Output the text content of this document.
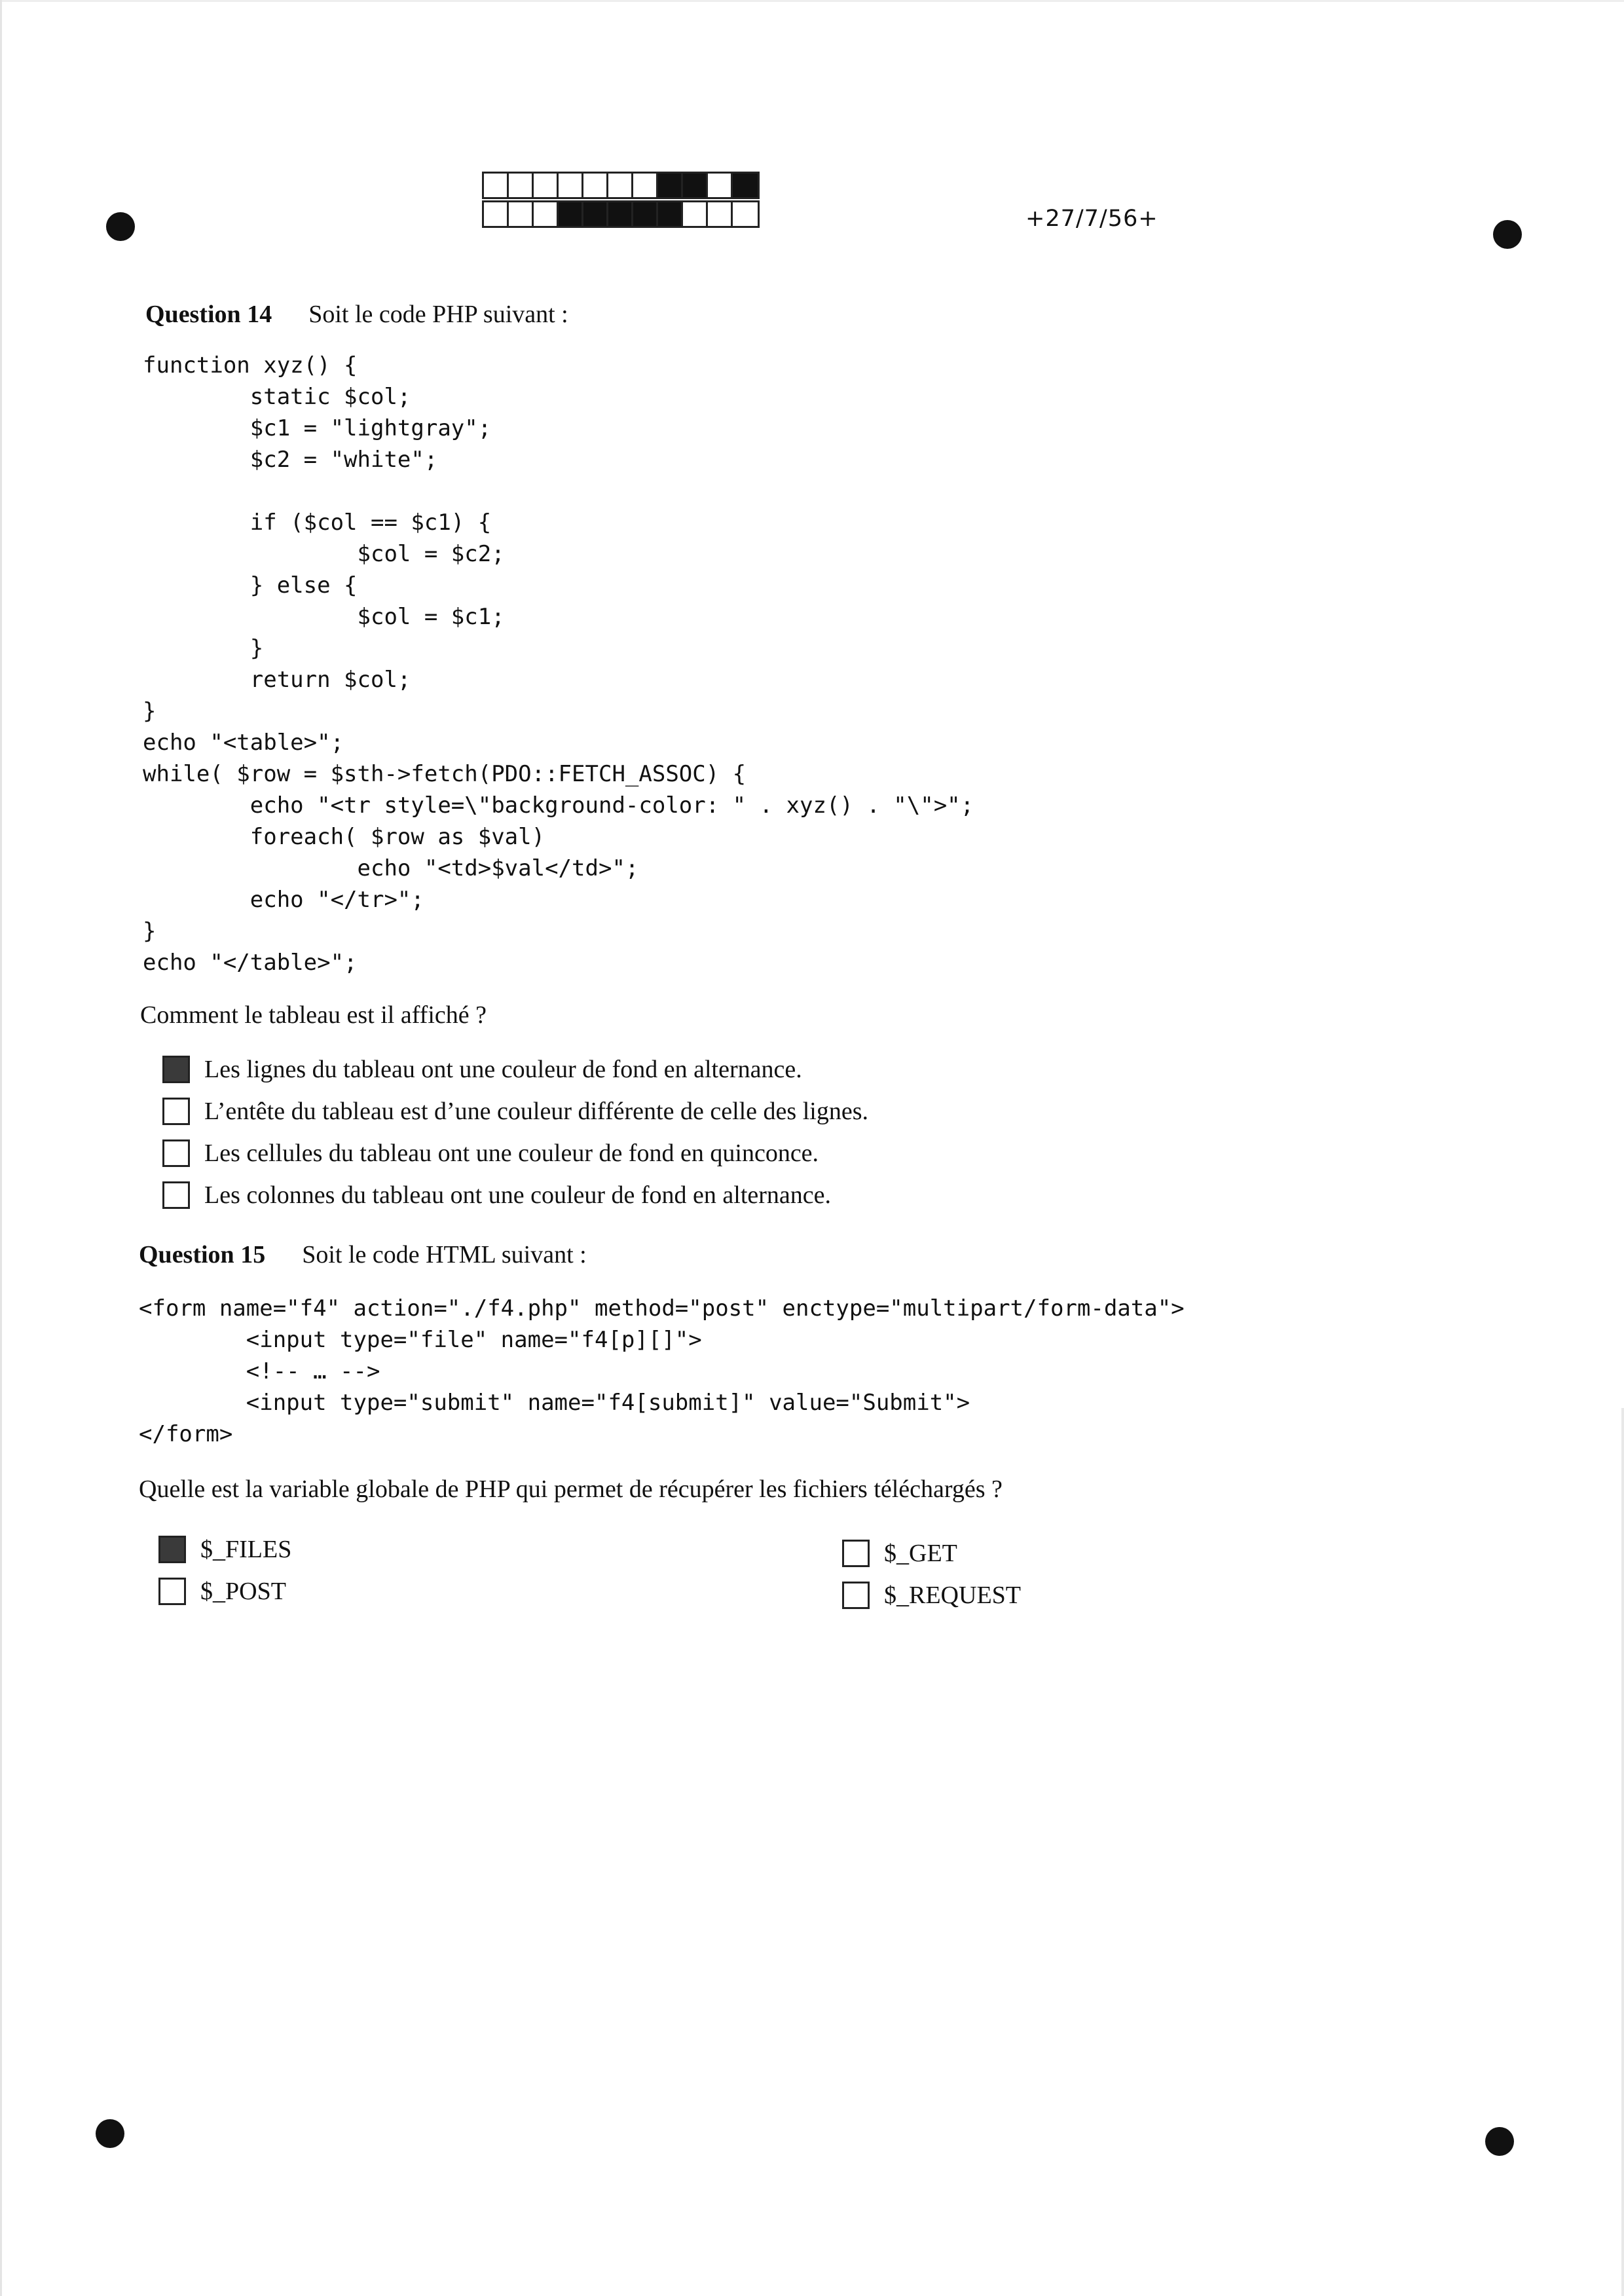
+27/7/56+
Question 14 Soit le code PHP suivant :
function xyz() {
static $col;
$c1 = "lightgray";
$c2 = "white";

if ($col == $c1) {
$col = $c2;
} else {
$col = $c1;
}
return $col;
}
echo "<table>";
while( $row = $sth->fetch(PDO::FETCH_ASSOC) {
echo "<tr style=\"background-color: " . xyz() . "\">";
foreach( $row as $val)
echo "<td>$val</td>";
echo "</tr>";
}
echo "</table>";
Comment le tableau est il affiché ?
Les lignes du tableau ont une couleur de fond en alternance.
L’entête du tableau est d’une couleur différente de celle des lignes.
Les cellules du tableau ont une couleur de fond en quinconce.
Les colonnes du tableau ont une couleur de fond en alternance.
Question 15 Soit le code HTML suivant :
<form name="f4" action="./f4.php" method="post" enctype="multipart/form-data">
<input type="file" name="f4[p][]">
<!-- … -->
<input type="submit" name="f4[submit]" value="Submit">
</form>
Quelle est la variable globale de PHP qui permet de récupérer les fichiers téléchargés ?
$_FILES
$_POST
$_GET
$_REQUEST
